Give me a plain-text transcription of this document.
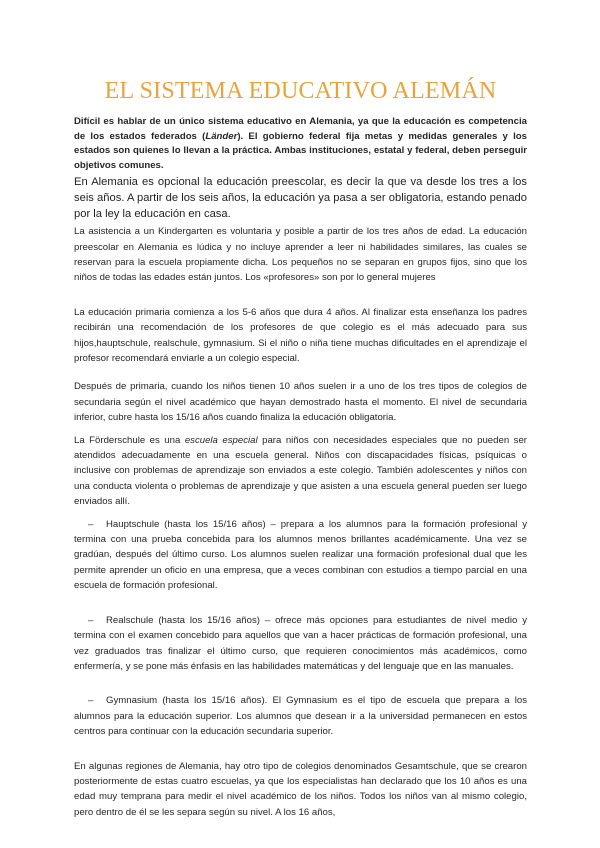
EL SISTEMA EDUCATIVO ALEMÁN

Difícil es hablar de un único sistema educativo en Alemania, ya que la educación es competencia de los estados federados (Länder). El gobierno federal fija metas y medidas generales y los estados son quienes lo llevan a la práctica. Ambas instituciones, estatal y federal, deben perseguir objetivos comunes.

En Alemania es opcional la educación preescolar, es decir la que va desde los tres a los seis años. A partir de los seis años, la educación ya pasa a ser obligatoria, estando penado por la ley la educación en casa.

La asistencia a un Kindergarten es voluntaria y posible a partir de los tres años de edad. La educación preescolar en Alemania es lúdica y no incluye aprender a leer ni habilidades similares, las cuales se reservan para la escuela propiamente dicha. Los pequeños no se separan en grupos fijos, sino que los niños de todas las edades están juntos. Los «profesores» son por lo general mujeres

La educación primaria comienza a los 5-6 años que dura 4 años. Al finalizar esta enseñanza los padres recibirán una recomendación de los profesores de que colegio es el más adecuado para sus hijos,hauptschule, realschule, gymnasium. Si el niño o niña tiene muchas dificultades en el aprendizaje el profesor recomendará enviarle a un colegio especial.

Después de primaria, cuando los niños tienen 10 años suelen ir a uno de los tres tipos de colegios de secundaria según el nivel académico que hayan demostrado hasta el momento. El nivel de secundaria inferior, cubre hasta los 15/16 años cuando finaliza la educación obligatoria.

La Förderschule es una escuela especial para niños con necesidades especiales que no pueden ser atendidos adecuadamente en una escuela general. Niños con discapacidades físicas, psíquicas o inclusive con problemas de aprendizaje son enviados a este colegio. También adolescentes y niños con una conducta violenta o problemas de aprendizaje y que asisten a una escuela general pueden ser luego enviados allí.

– Hauptschule (hasta los 15/16 años) – prepara a los alumnos para la formación profesional y termina con una prueba concebida para los alumnos menos brillantes académicamente. Una vez se gradúan, después del último curso. Los alumnos suelen realizar una formación profesional dual que les permite aprender un oficio en una empresa, que a veces combinan con estudios a tiempo parcial en una escuela de formación profesional.

– Realschule (hasta los 15/16 años) – ofrece más opciones para estudiantes de nivel medio y termina con el examen concebido para aquellos que van a hacer prácticas de formación profesional, una vez graduados tras finalizar el último curso, que requieren conocimientos más académicos, como enfermería, y se pone más énfasis en las habilidades matemáticas y del lenguaje que en las manuales.

– Gymnasium (hasta los 15/16 años). El Gymnasium es el tipo de escuela que prepara a los alumnos para la educación superior. Los alumnos que desean ir a la universidad permanecen en estos centros para continuar con la educación secundaria superior.

En algunas regiones de Alemania, hay otro tipo de colegios denominados Gesamtschule, que se crearon posteriormente de estas cuatro escuelas, ya que los especialistas han declarado que los 10 años es una edad muy temprana para medir el nivel académico de los niños. Todos los niños van al mismo colegio, pero dentro de él se les separa según su nivel. A los 16 años,
